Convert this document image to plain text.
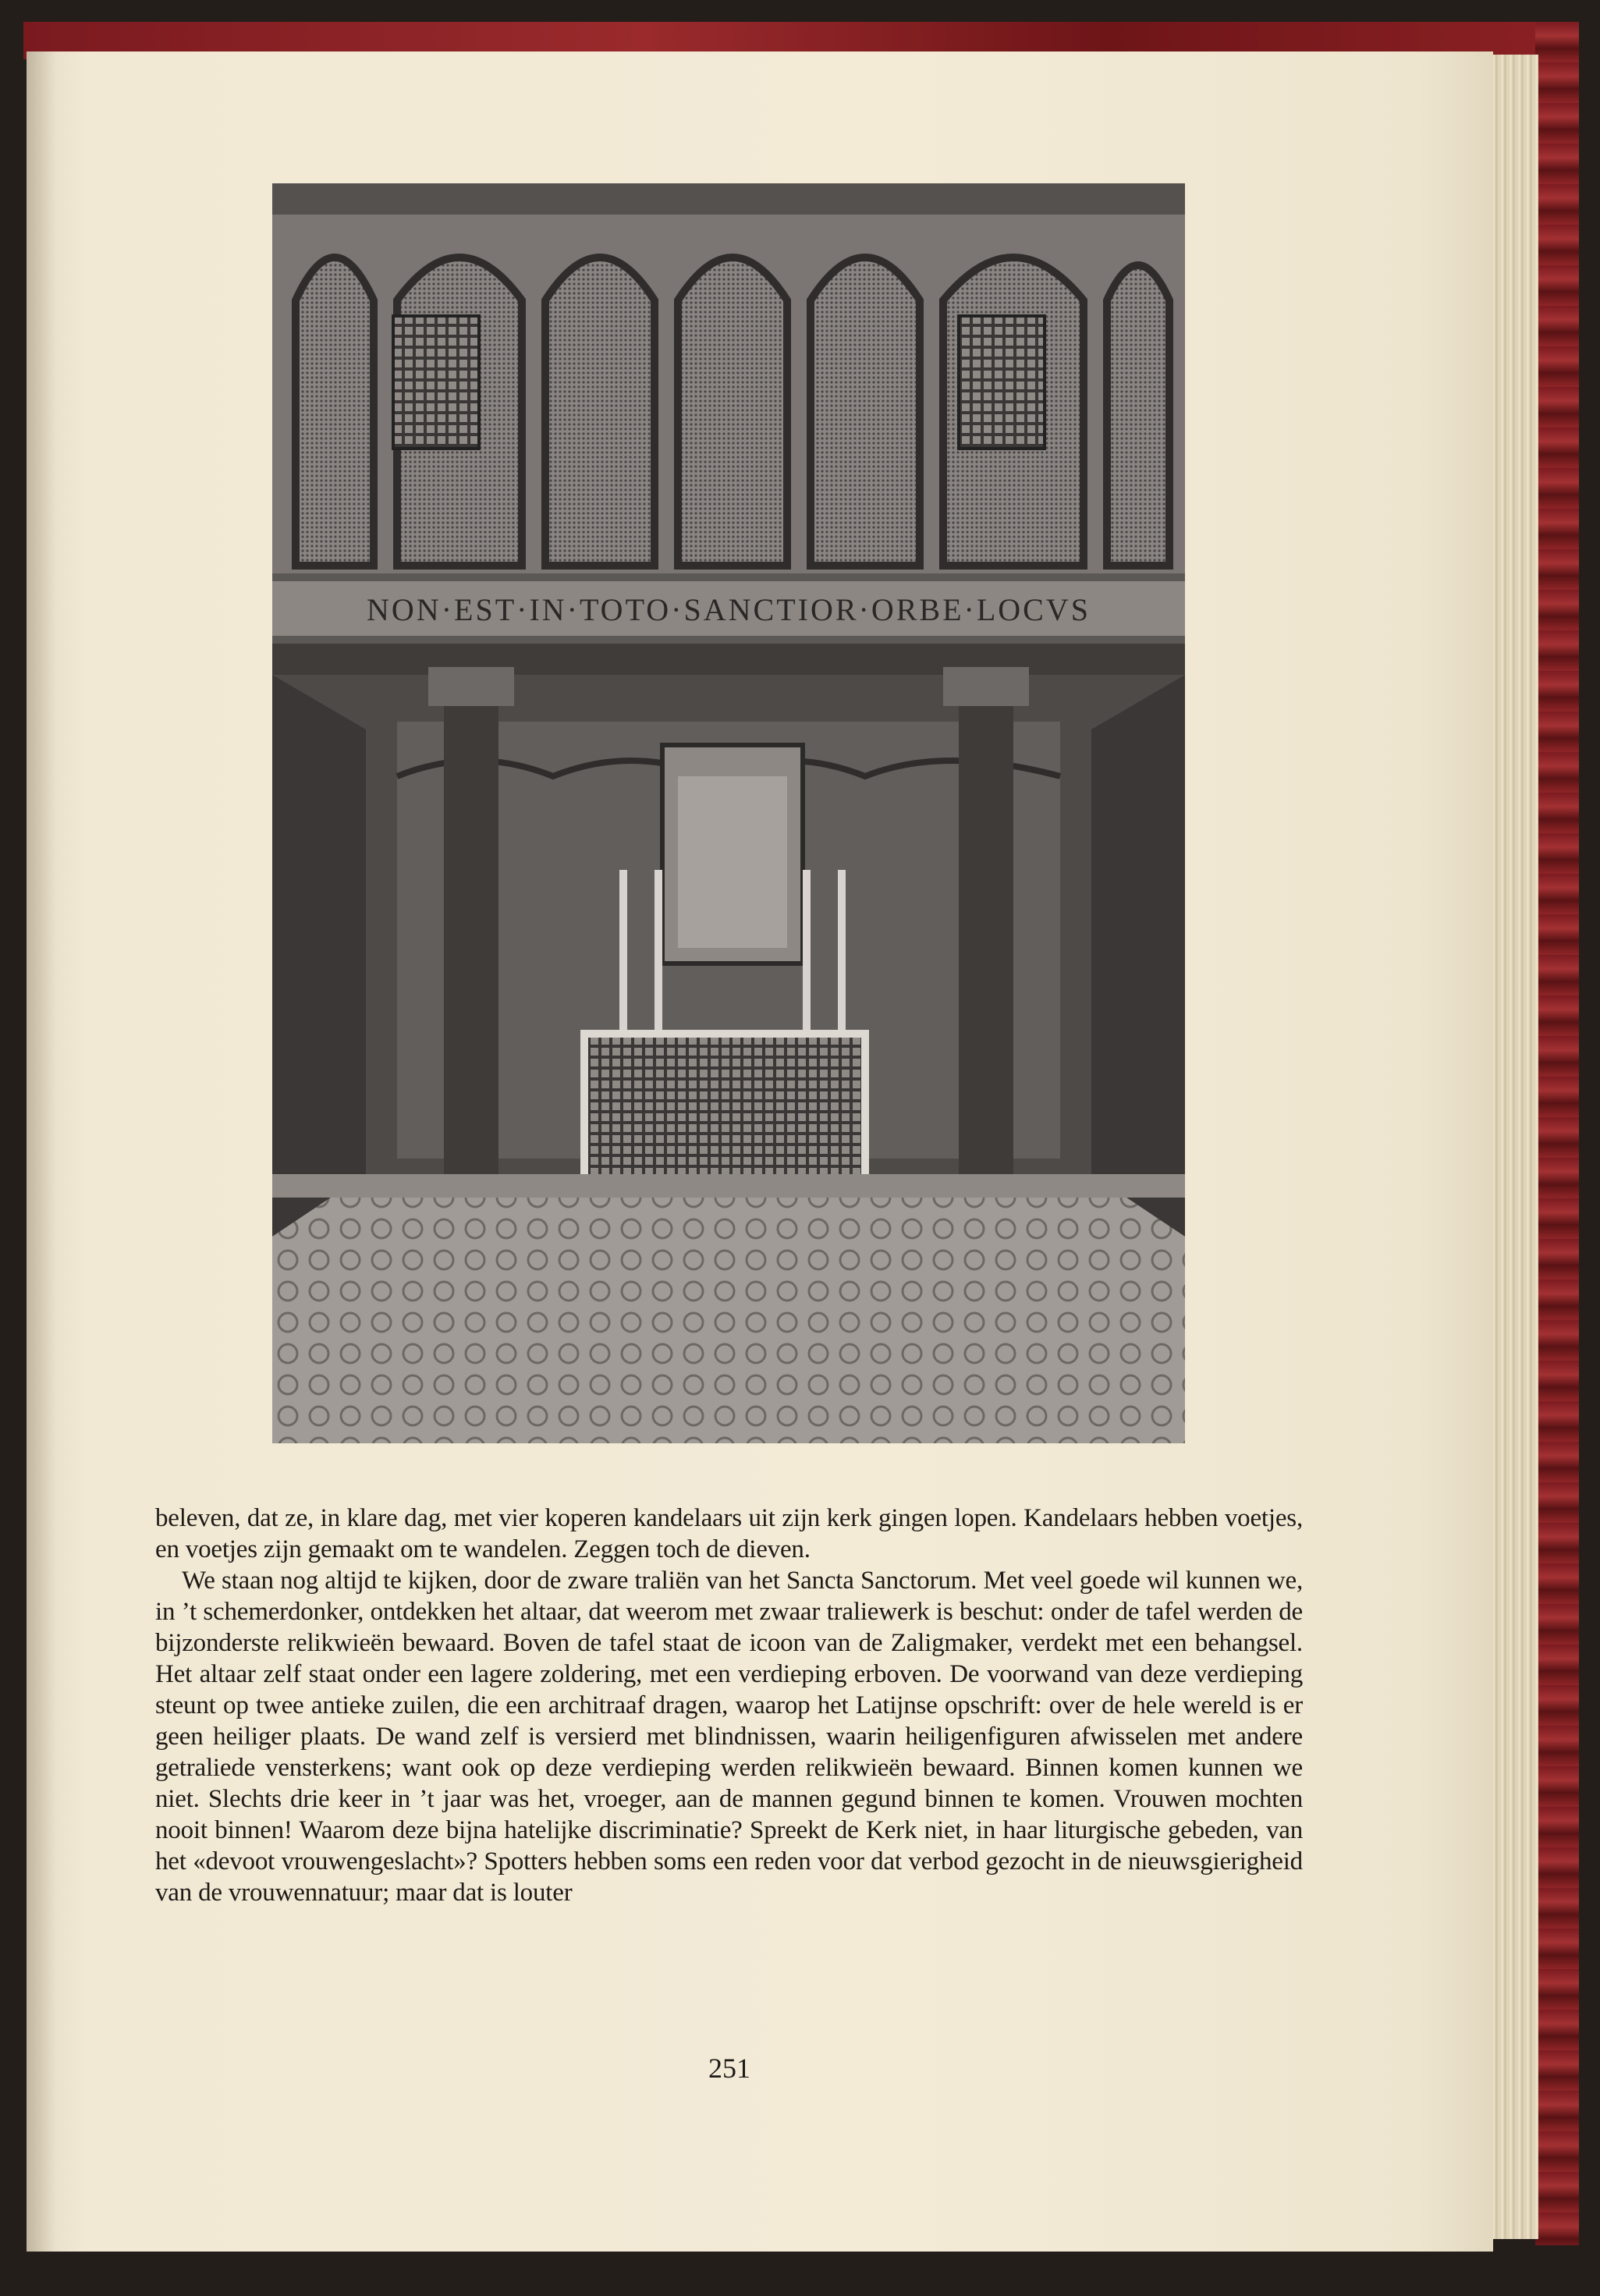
NON·EST·IN·TOTO·SANCTIOR·ORBE·LOCVS

beleven, dat ze, in klare dag, met vier koperen kandelaars uit zijn kerk gingen lopen. Kandelaars hebben voetjes, en voetjes zijn gemaakt om te wandelen. Zeggen toch de dieven.

We staan nog altijd te kijken, door de zware traliën van het Sancta Sanctorum. Met veel goede wil kunnen we, in ’t schemerdonker, ontdekken het altaar, dat weerom met zwaar traliewerk is beschut: onder de tafel werden de bijzonderste relikwieën bewaard. Boven de tafel staat de icoon van de Zaligmaker, verdekt met een behangsel. Het altaar zelf staat onder een lagere zoldering, met een verdieping erboven. De voorwand van deze verdieping steunt op twee antieke zuilen, die een architraaf dragen, waarop het Latijnse opschrift: over de hele wereld is er geen heiliger plaats. De wand zelf is versierd met blindnissen, waarin heiligenfiguren afwisselen met andere getraliede vensterkens; want ook op deze verdieping werden relikwieën bewaard. Binnen komen kunnen we niet. Slechts drie keer in ’t jaar was het, vroeger, aan de mannen gegund binnen te komen. Vrouwen mochten nooit binnen! Waarom deze bijna hatelijke discriminatie? Spreekt de Kerk niet, in haar liturgische gebeden, van het «devoot vrouwengeslacht»? Spotters hebben soms een reden voor dat verbod gezocht in de nieuwsgierigheid van de vrouwennatuur; maar dat is louter

251
